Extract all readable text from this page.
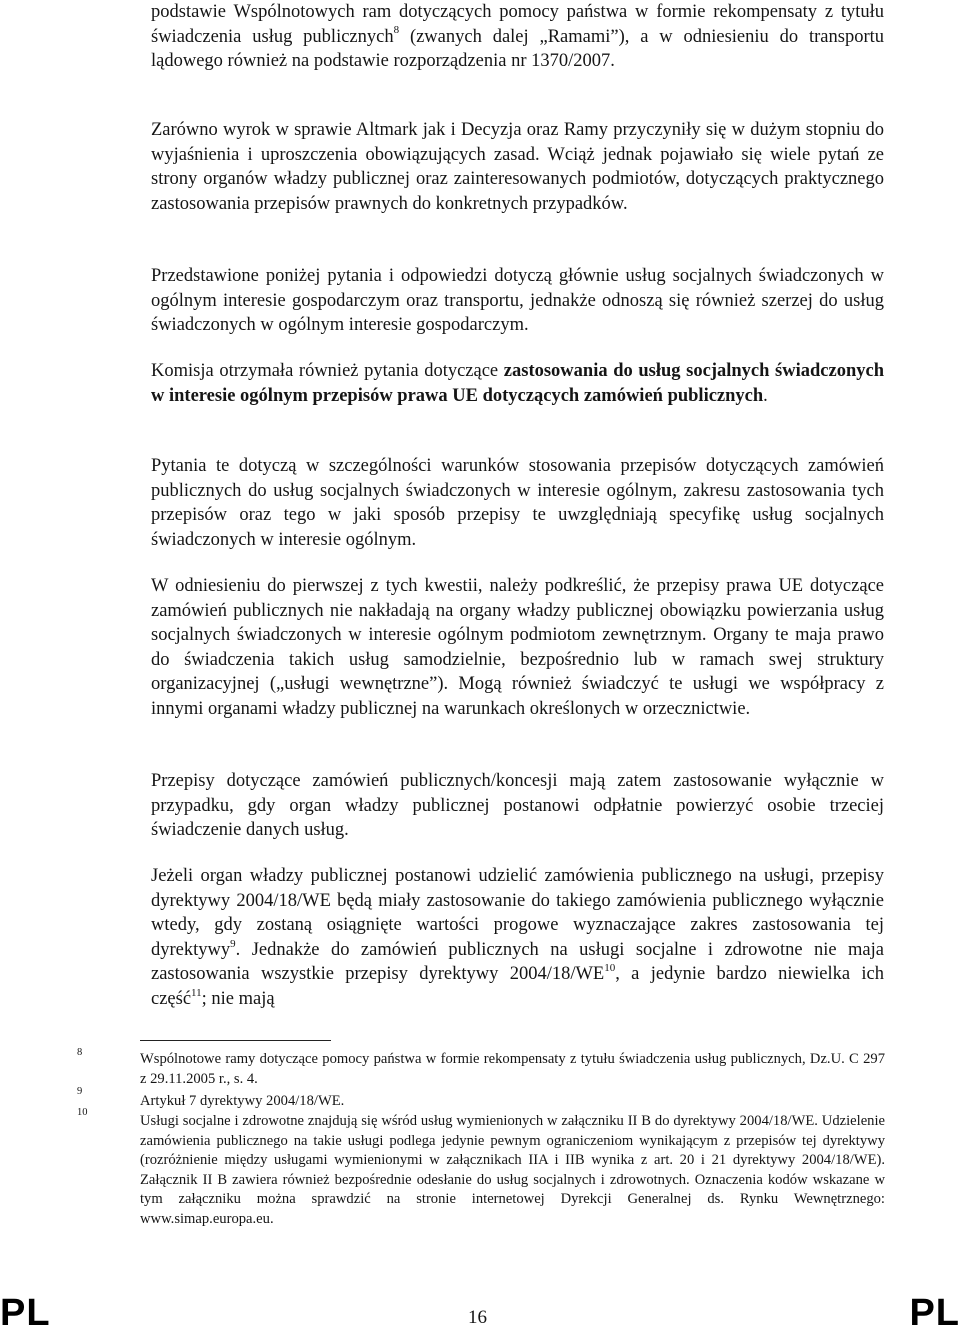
podstawie Wspólnotowych ram dotyczących pomocy państwa w formie rekompensaty z tytułu świadczenia usług publicznych$^8$ (zwanych dalej „Ramami”), a w odniesieniu do transportu lądowego również na podstawie rozporządzenia nr 1370/2007.

Zarówno wyrok w sprawie Altmark jak i Decyzja oraz Ramy przyczyniły się w dużym stopniu do wyjaśnienia i uproszczenia obowiązujących zasad. Wciąż jednak pojawiało się wiele pytań ze strony organów władzy publicznej oraz zainteresowanych podmiotów, dotyczących praktycznego zastosowania przepisów prawnych do konkretnych przypadków.

Przedstawione poniżej pytania i odpowiedzi dotyczą głównie usług socjalnych świadczonych w ogólnym interesie gospodarczym oraz transportu, jednakże odnoszą się również szerzej do usług świadczonych w ogólnym interesie gospodarczym.

Komisja otrzymała również pytania dotyczące zastosowania do usług socjalnych świadczonych w interesie ogólnym przepisów prawa UE dotyczących zamówień publicznych.

Pytania te dotyczą w szczególności warunków stosowania przepisów dotyczących zamówień publicznych do usług socjalnych świadczonych w interesie ogólnym, zakresu zastosowania tych przepisów oraz tego w jaki sposób przepisy te uwzględniają specyfikę usług socjalnych świadczonych w interesie ogólnym.

W odniesieniu do pierwszej z tych kwestii, należy podkreślić, że przepisy prawa UE dotyczące zamówień publicznych nie nakładają na organy władzy publicznej obowiązku powierzania usług socjalnych świadczonych w interesie ogólnym podmiotom zewnętrznym. Organy te maja prawo do świadczenia takich usług samodzielnie, bezpośrednio lub w ramach swej struktury organizacyjnej („usługi wewnętrzne”). Mogą również świadczyć te usługi we współpracy z innymi organami władzy publicznej na warunkach określonych w orzecznictwie.

Przepisy dotyczące zamówień publicznych/koncesji mają zatem zastosowanie wyłącznie w przypadku, gdy organ władzy publicznej postanowi odpłatnie powierzyć osobie trzeciej świadczenie danych usług.

Jeżeli organ władzy publicznej postanowi udzielić zamówienia publicznego na usługi, przepisy dyrektywy 2004/18/WE będą miały zastosowanie do takiego zamówienia publicznego wyłącznie wtedy, gdy zostaną osiągnięte wartości progowe wyznaczające zakres zastosowania tej dyrektywy$^9$. Jednakże do zamówień publicznych na usługi socjalne i zdrowotne nie maja zastosowania wszystkie przepisy dyrektywy 2004/18/WE$^{10}$, a jedynie bardzo niewielka ich część$^{11}$; nie mają

8	Wspólnotowe ramy dotyczące pomocy państwa w formie rekompensaty z tytułu świadczenia usług publicznych, Dz.U. C 297 z 29.11.2005 r., s. 4.

9

Artykuł 7 dyrektywy 2004/18/WE.

10

Usługi socjalne i zdrowotne znajdują się wśród usług wymienionych w załączniku II B do dyrektywy 2004/18/WE. Udzielenie zamówienia publicznego na takie usługi podlega jedynie pewnym ograniczeniom wynikającym z przepisów tej dyrektywy (rozróżnienie między usługami wymienionymi w załącznikach IIA i IIB wynika z art. 20 i 21 dyrektywy 2004/18/WE). Załącznik II B zawiera również bezpośrednie odesłanie do usług socjalnych i zdrowotnych. Oznaczenia kodów wskazane w tym załączniku można sprawdzić na stronie internetowej Dyrekcji Generalnej ds. Rynku Wewnętrznego: www.simap.europa.eu.

PL	16	PL
